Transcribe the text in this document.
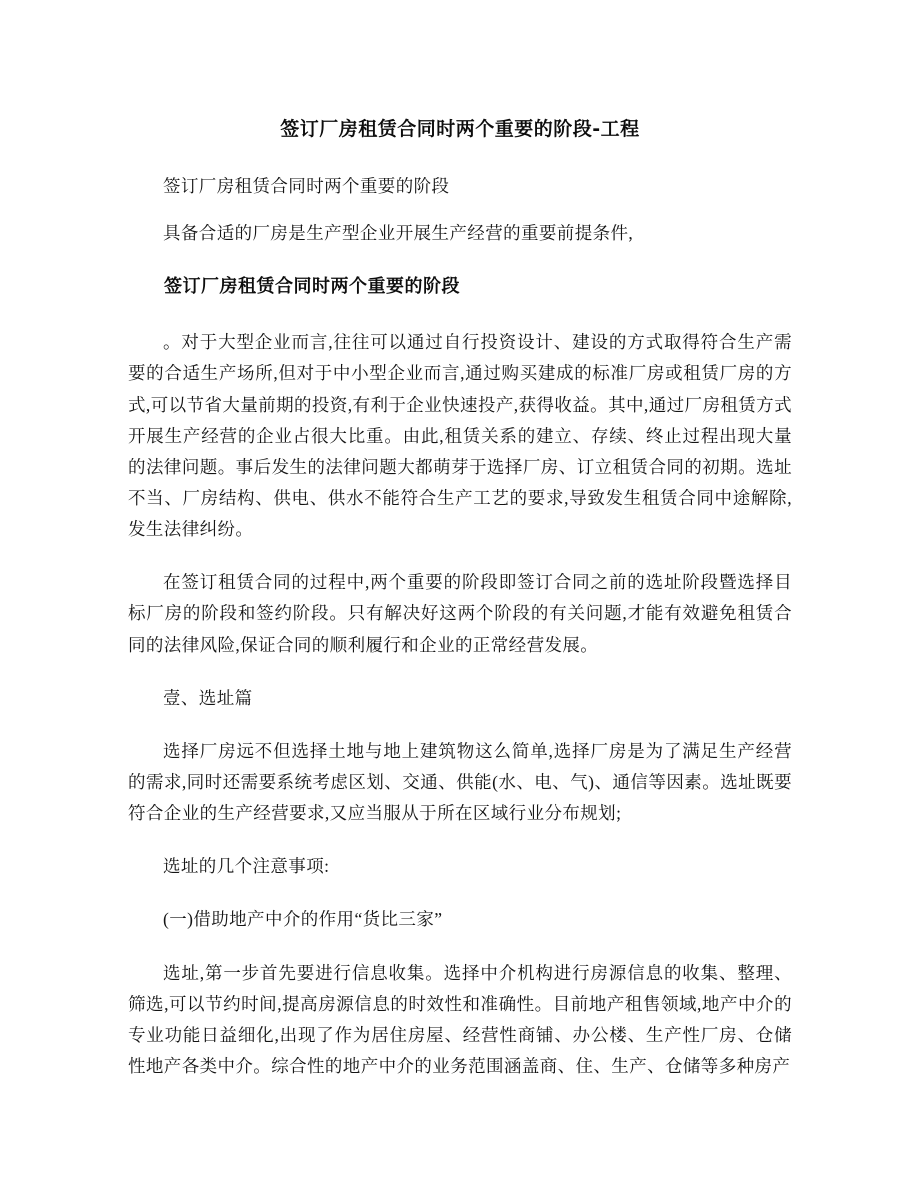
签订厂房租赁合同时两个重要的阶段-工程

签订厂房租赁合同时两个重要的阶段

具备合适的厂房是生产型企业开展生产经营的重要前提条件,

签订厂房租赁合同时两个重要的阶段

。对于大型企业而言,往往可以通过自行投资设计、建设的方式取得符合生产需要的合适生产场所,但对于中小型企业而言,通过购买建成的标准厂房或租赁厂房的方式,可以节省大量前期的投资,有利于企业快速投产,获得收益。其中,通过厂房租赁方式开展生产经营的企业占很大比重。由此,租赁关系的建立、存续、终止过程出现大量的法律问题。事后发生的法律问题大都萌芽于选择厂房、订立租赁合同的初期。选址不当、厂房结构、供电、供水不能符合生产工艺的要求,导致发生租赁合同中途解除,发生法律纠纷。

在签订租赁合同的过程中,两个重要的阶段即签订合同之前的选址阶段暨选择目标厂房的阶段和签约阶段。只有解决好这两个阶段的有关问题,才能有效避免租赁合同的法律风险,保证合同的顺利履行和企业的正常经营发展。

壹、选址篇

选择厂房远不但选择土地与地上建筑物这么简单,选择厂房是为了满足生产经营的需求,同时还需要系统考虑区划、交通、供能(水、电、气)、通信等因素。选址既要符合企业的生产经营要求,又应当服从于所在区域行业分布规划;

选址的几个注意事项:

(一)借助地产中介的作用“货比三家”

选址,第一步首先要进行信息收集。选择中介机构进行房源信息的收集、整理、筛选,可以节约时间,提高房源信息的时效性和准确性。目前地产租售领域,地产中介的专业功能日益细化,出现了作为居住房屋、经营性商铺、办公楼、生产性厂房、仓储性地产各类中介。综合性的地产中介的业务范围涵盖商、住、生产、仓储等多种房产
